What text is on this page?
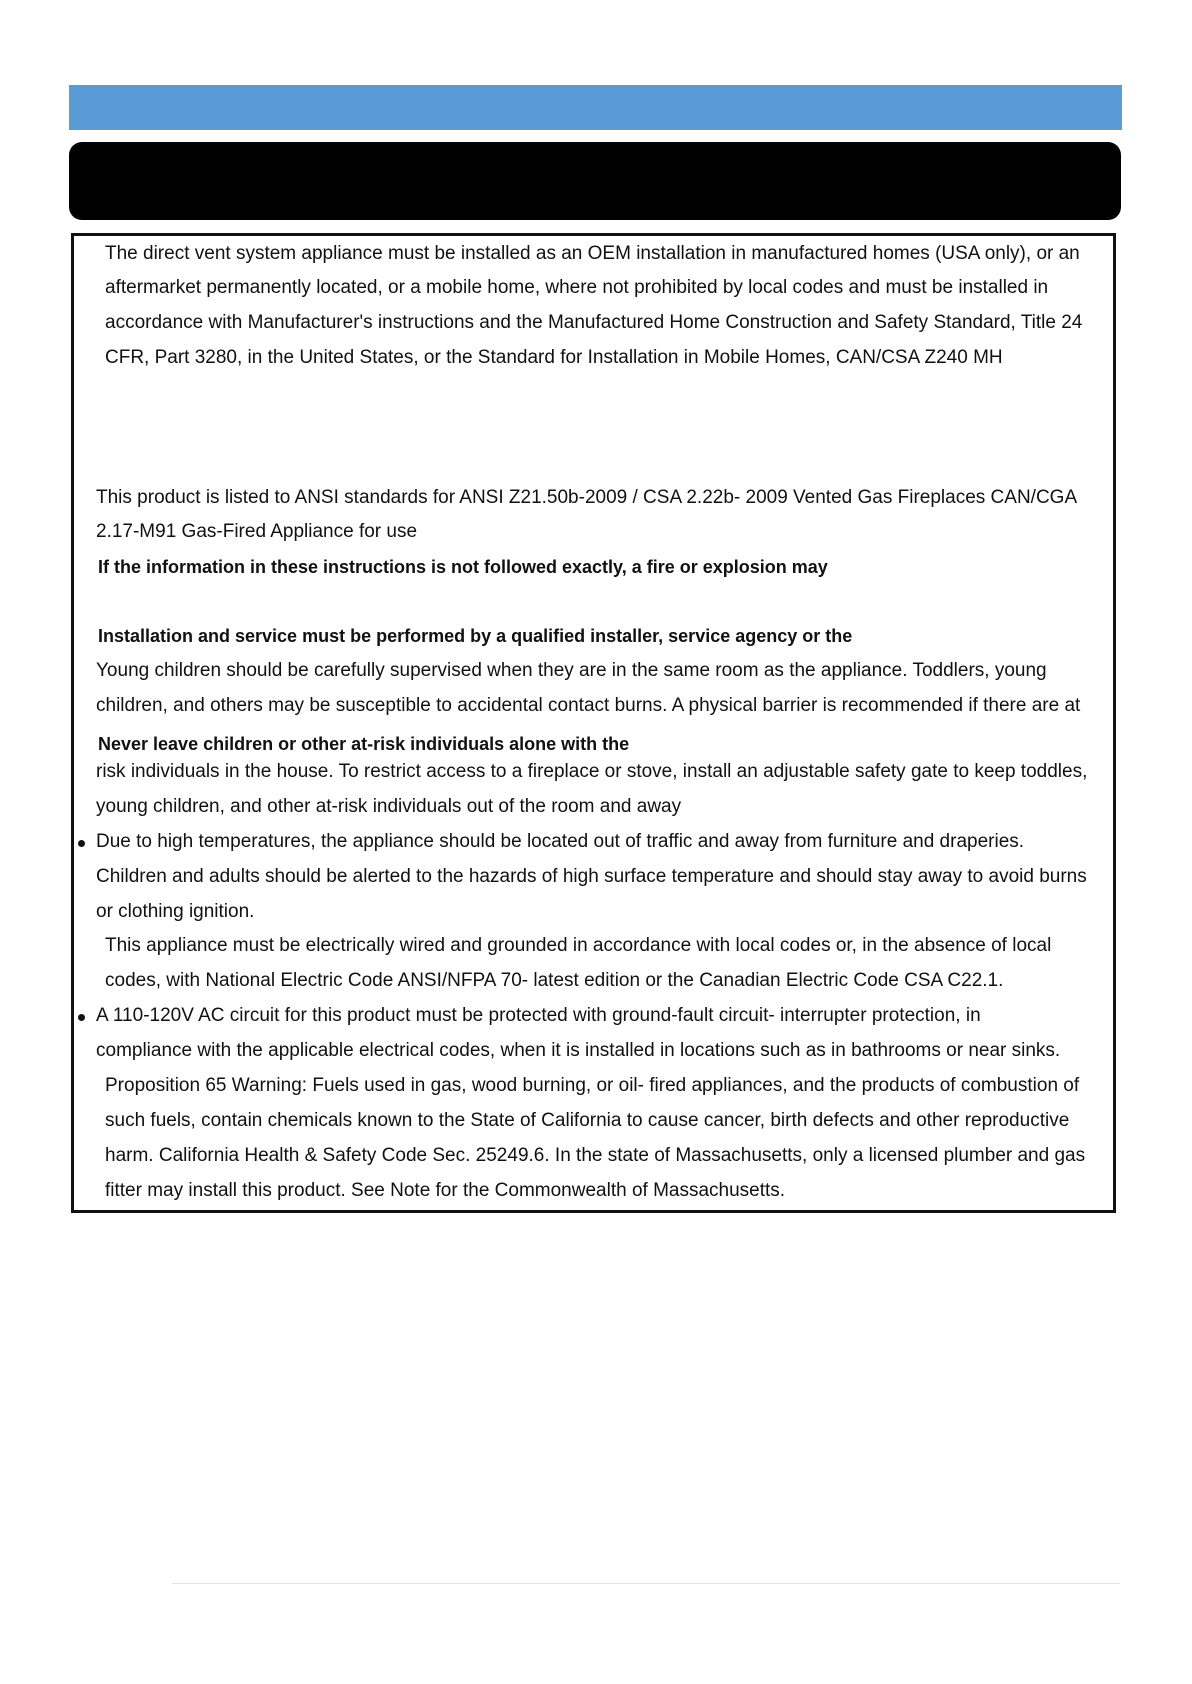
The direct vent system appliance must be installed as an OEM installation in manufactured homes (USA only), or an
aftermarket permanently located, or a mobile home, where not prohibited by local codes and must be installed in
accordance with Manufacturer's instructions and the Manufactured Home Construction and Safety Standard, Title 24
CFR, Part 3280, in the United States, or the Standard for Installation in Mobile Homes, CAN/CSA Z240 MH
This product is listed to ANSI standards for ANSI Z21.50b-2009 / CSA 2.22b- 2009 Vented Gas Fireplaces CAN/CGA
2.17-M91 Gas-Fired Appliance for use
If the information in these instructions is not followed exactly, a fire or explosion may
Installation and service must be performed by a qualified installer, service agency or the
Young children should be carefully supervised when they are in the same room as the appliance. Toddlers, young
children, and others may be susceptible to accidental contact burns. A physical barrier is recommended if there are at
Never leave children or other at-risk individuals alone with the
risk individuals in the house. To restrict access to a fireplace or stove, install an adjustable safety gate to keep toddles,
young children, and other at-risk individuals out of the room and away
Due to high temperatures, the appliance should be located out of traffic and away from furniture and draperies.
Children and adults should be alerted to the hazards of high surface temperature and should stay away to avoid burns
or clothing ignition.
This appliance must be electrically wired and grounded in accordance with local codes or, in the absence of local
codes, with National Electric Code ANSI/NFPA 70- latest edition or the Canadian Electric Code CSA C22.1.
A 110-120V AC circuit for this product must be protected with ground-fault circuit- interrupter protection, in
compliance with the applicable electrical codes, when it is installed in locations such as in bathrooms or near sinks.
Proposition 65 Warning: Fuels used in gas, wood burning, or oil- fired appliances, and the products of combustion of
such fuels, contain chemicals known to the State of California to cause cancer, birth defects and other reproductive
harm. California Health & Safety Code Sec. 25249.6. In the state of Massachusetts, only a licensed plumber and gas
fitter may install this product. See Note for the Commonwealth of Massachusetts.
